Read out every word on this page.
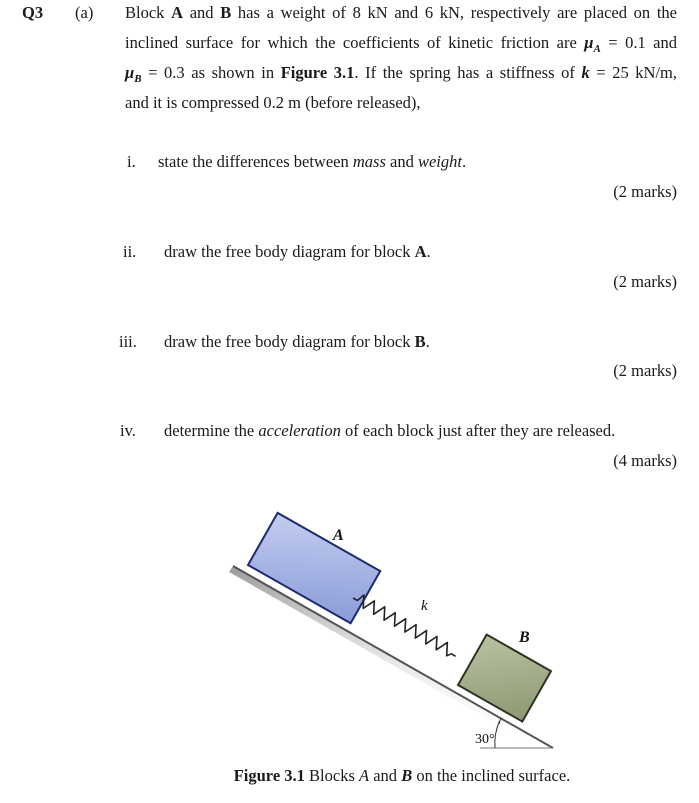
Q3 (a) Block A and B has a weight of 8 kN and 6 kN, respectively are placed on the
inclined surface for which the coefficients of kinetic friction are $\mu_A = 0.1$ and
$\mu_B = 0.3$ as shown in Figure 3.1. If the spring has a stiffness of k = 25 kN/m,
and it is compressed 0.2 m (before released),
i. state the differences between mass and weight.
(2 marks)
ii. draw the free body diagram for block A.
(2 marks)
iii. draw the free body diagram for block B.
(2 marks)
iv. determine the acceleration of each block just after they are released.
(4 marks)
A
k
B
30°
Figure 3.1 Blocks A and B on the inclined surface.
